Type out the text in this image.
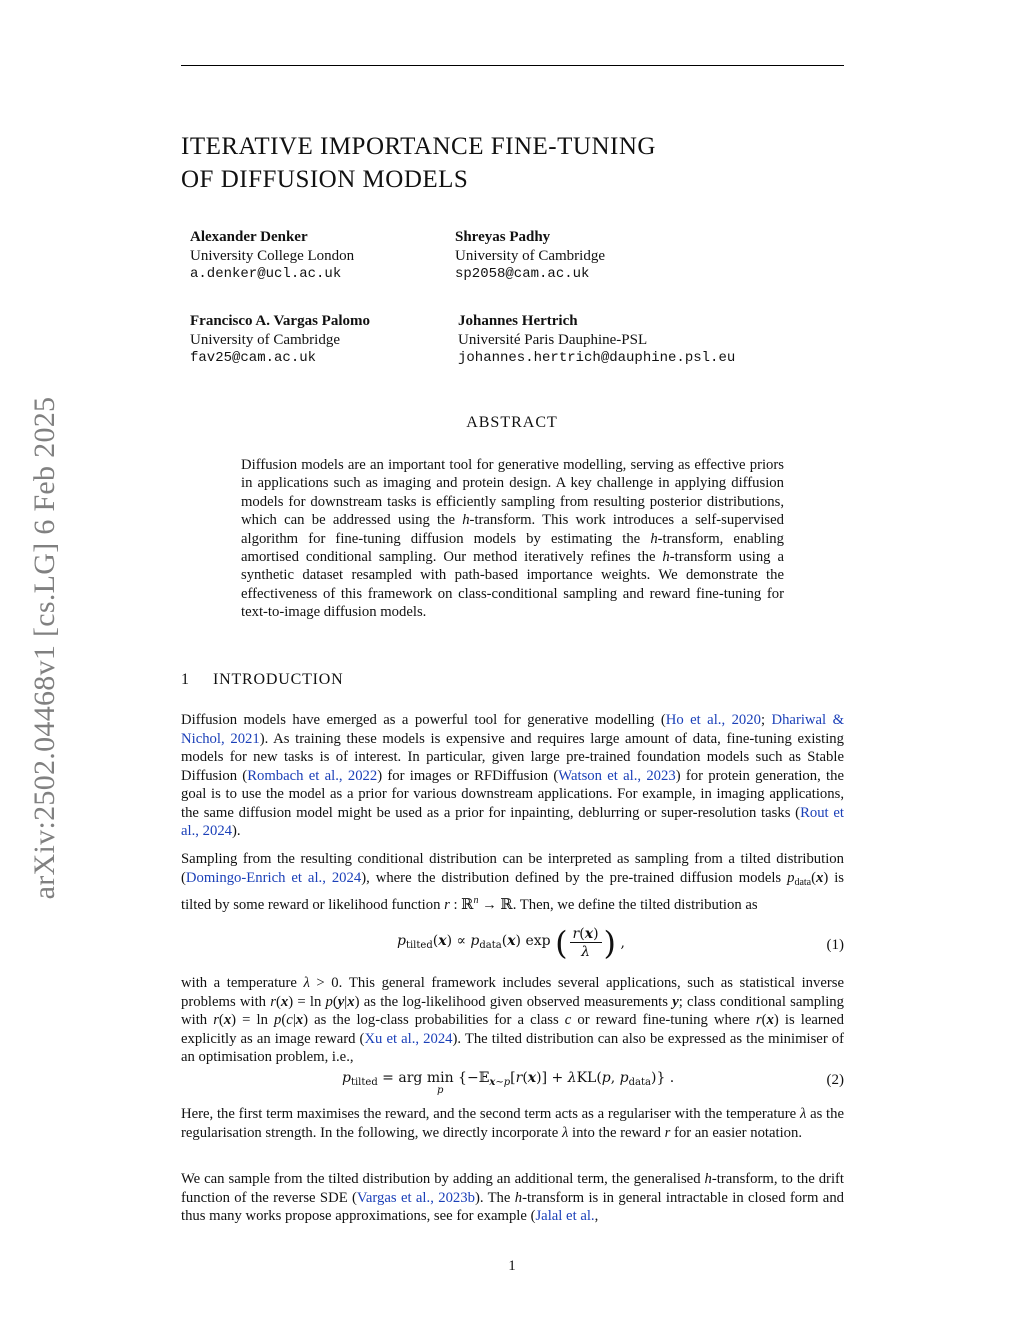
arXiv:2502.04468v1 [cs.LG] 6 Feb 2025
ITERATIVE IMPORTANCE FINE-TUNING
OF DIFFUSION MODELS
Alexander Denker
University College London
a.denker@ucl.ac.uk
Shreyas Padhy
University of Cambridge
sp2058@cam.ac.uk
Francisco A. Vargas Palomo
University of Cambridge
fav25@cam.ac.uk
Johannes Hertrich
Université Paris Dauphine-PSL
johannes.hertrich@dauphine.psl.eu
ABSTRACT
Diffusion models are an important tool for generative modelling, serving as effective priors in applications such as imaging and protein design. A key challenge in applying diffusion models for downstream tasks is efficiently sampling from resulting posterior distributions, which can be addressed using the h-transform. This work introduces a self-supervised algorithm for fine-tuning diffusion models by estimating the h-transform, enabling amortised conditional sampling. Our method iteratively refines the h-transform using a synthetic dataset resampled with path-based importance weights. We demonstrate the effectiveness of this framework on class-conditional sampling and reward fine-tuning for text-to-image diffusion models.
1 INTRODUCTION
Diffusion models have emerged as a powerful tool for generative modelling (Ho et al., 2020; Dhariwal & Nichol, 2021). As training these models is expensive and requires large amount of data, fine-tuning existing models for new tasks is of interest. In particular, given large pre-trained foundation models such as Stable Diffusion (Rombach et al., 2022) for images or RFDiffusion (Watson et al., 2023) for protein generation, the goal is to use the model as a prior for various downstream applications. For example, in imaging applications, the same diffusion model might be used as a prior for inpainting, deblurring or super-resolution tasks (Rout et al., 2024).
Sampling from the resulting conditional distribution can be interpreted as sampling from a tilted distribution (Domingo-Enrich et al., 2024), where the distribution defined by the pre-trained diffusion models $p_{data}(x)$ is tilted by some reward or likelihood function r : ℝ$^n$ → ℝ. Then, we define the tilted distribution as
$p_{tilted}(x) \propto p_{data}(x)$ exp ( $\frac{r(x)}{\lambda}$ ) ,	(1)
with a temperature λ > 0. This general framework includes several applications, such as statistical inverse problems with r(x) = ln p(y|x) as the log-likelihood given observed measurements y; class conditional sampling with r(x) = ln p(c|x) as the log-class probabilities for a class c or reward fine-tuning where r(x) is learned explicitly as an image reward (Xu et al., 2024). The tilted distribution can also be expressed as the minimiser of an optimisation problem, i.e.,
$p_{tilted}$ = arg min
p
{−𝔼$_{x\sim p}$[r(x)] + λKL(p, $p_{data}$)} .	(2)
Here, the first term maximises the reward, and the second term acts as a regulariser with the temperature λ as the regularisation strength. In the following, we directly incorporate λ into the reward r for an easier notation.
We can sample from the tilted distribution by adding an additional term, the generalised h-transform, to the drift function of the reverse SDE (Vargas et al., 2023b). The h-transform is in general intractable in closed form and thus many works propose approximations, see for example (Jalal et al.,
1
